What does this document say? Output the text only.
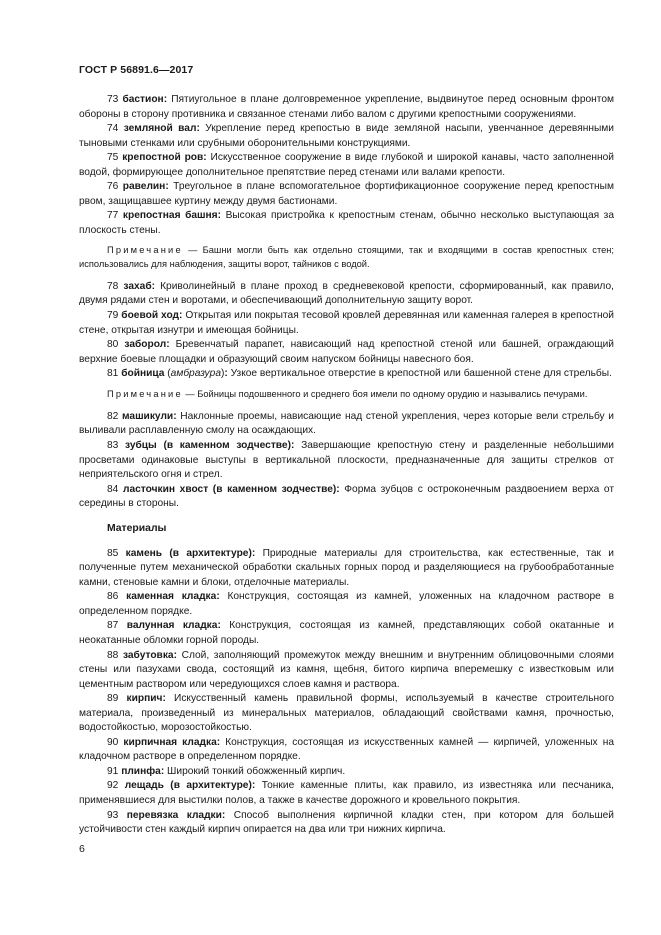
ГОСТ Р 56891.6—2017

73 бастион: Пятиугольное в плане долговременное укрепление, выдвинутое перед основным фронтом обороны в сторону противника и связанное стенами либо валом с другими крепостными сооружениями.

74 земляной вал: Укрепление перед крепостью в виде земляной насыпи, увенчанное деревянными тыновыми стенками или срубными оборонительными конструкциями.

75 крепостной ров: Искусственное сооружение в виде глубокой и широкой канавы, часто заполненной водой, формирующее дополнительное препятствие перед стенами или валами крепости.

76 равелин: Треугольное в плане вспомогательное фортификационное сооружение перед крепостным рвом, защищавшее куртину между двумя бастионами.

77 крепостная башня: Высокая пристройка к крепостным стенам, обычно несколько выступающая за плоскость стены.

Примечание — Башни могли быть как отдельно стоящими, так и входящими в состав крепостных стен; использовались для наблюдения, защиты ворот, тайников с водой.

78 захаб: Криволинейный в плане проход в средневековой крепости, сформированный, как правило, двумя рядами стен и воротами, и обеспечивающий дополнительную защиту ворот.

79 боевой ход: Открытая или покрытая тесовой кровлей деревянная или каменная галерея в крепостной стене, открытая изнутри и имеющая бойницы.

80 заборол: Бревенчатый парапет, нависающий над крепостной стеной или башней, ограждающий верхние боевые площадки и образующий своим напуском бойницы навесного боя.

81 бойница (амбразура): Узкое вертикальное отверстие в крепостной или башенной стене для стрельбы.

Примечание — Бойницы подошвенного и среднего боя имели по одному орудию и назывались печурами.

82 машикули: Наклонные проемы, нависающие над стеной укрепления, через которые вели стрельбу и выливали расплавленную смолу на осаждающих.

83 зубцы (в каменном зодчестве): Завершающие крепостную стену и разделенные небольшими просветами одинаковые выступы в вертикальной плоскости, предназначенные для защиты стрелков от неприятельского огня и стрел.

84 ласточкин хвост (в каменном зодчестве): Форма зубцов с остроконечным раздвоением верха от середины в стороны.

Материалы

85 камень (в архитектуре): Природные материалы для строительства, как естественные, так и полученные путем механической обработки скальных горных пород и разделяющиеся на грубообработанные камни, стеновые камни и блоки, отделочные материалы.

86 каменная кладка: Конструкция, состоящая из камней, уложенных на кладочном растворе в определенном порядке.

87 валунная кладка: Конструкция, состоящая из камней, представляющих собой окатанные и неокатанные обломки горной породы.

88 забутовка: Слой, заполняющий промежуток между внешним и внутренним облицовочными слоями стены или пазухами свода, состоящий из камня, щебня, битого кирпича вперемешку с известковым или цементным раствором или чередующихся слоев камня и раствора.

89 кирпич: Искусственный камень правильной формы, используемый в качестве строительного материала, произведенный из минеральных материалов, обладающий свойствами камня, прочностью, водостойкостью, морозостойкостью.

90 кирпичная кладка: Конструкция, состоящая из искусственных камней — кирпичей, уложенных на кладочном растворе в определенном порядке.

91 плинфа: Широкий тонкий обожженный кирпич.

92 лещадь (в архитектуре): Тонкие каменные плиты, как правило, из известняка или песчаника, применявшиеся для выстилки полов, а также в качестве дорожного и кровельного покрытия.

93 перевязка кладки: Способ выполнения кирпичной кладки стен, при котором для большей устойчивости стен каждый кирпич опирается на два или три нижних кирпича.

6
